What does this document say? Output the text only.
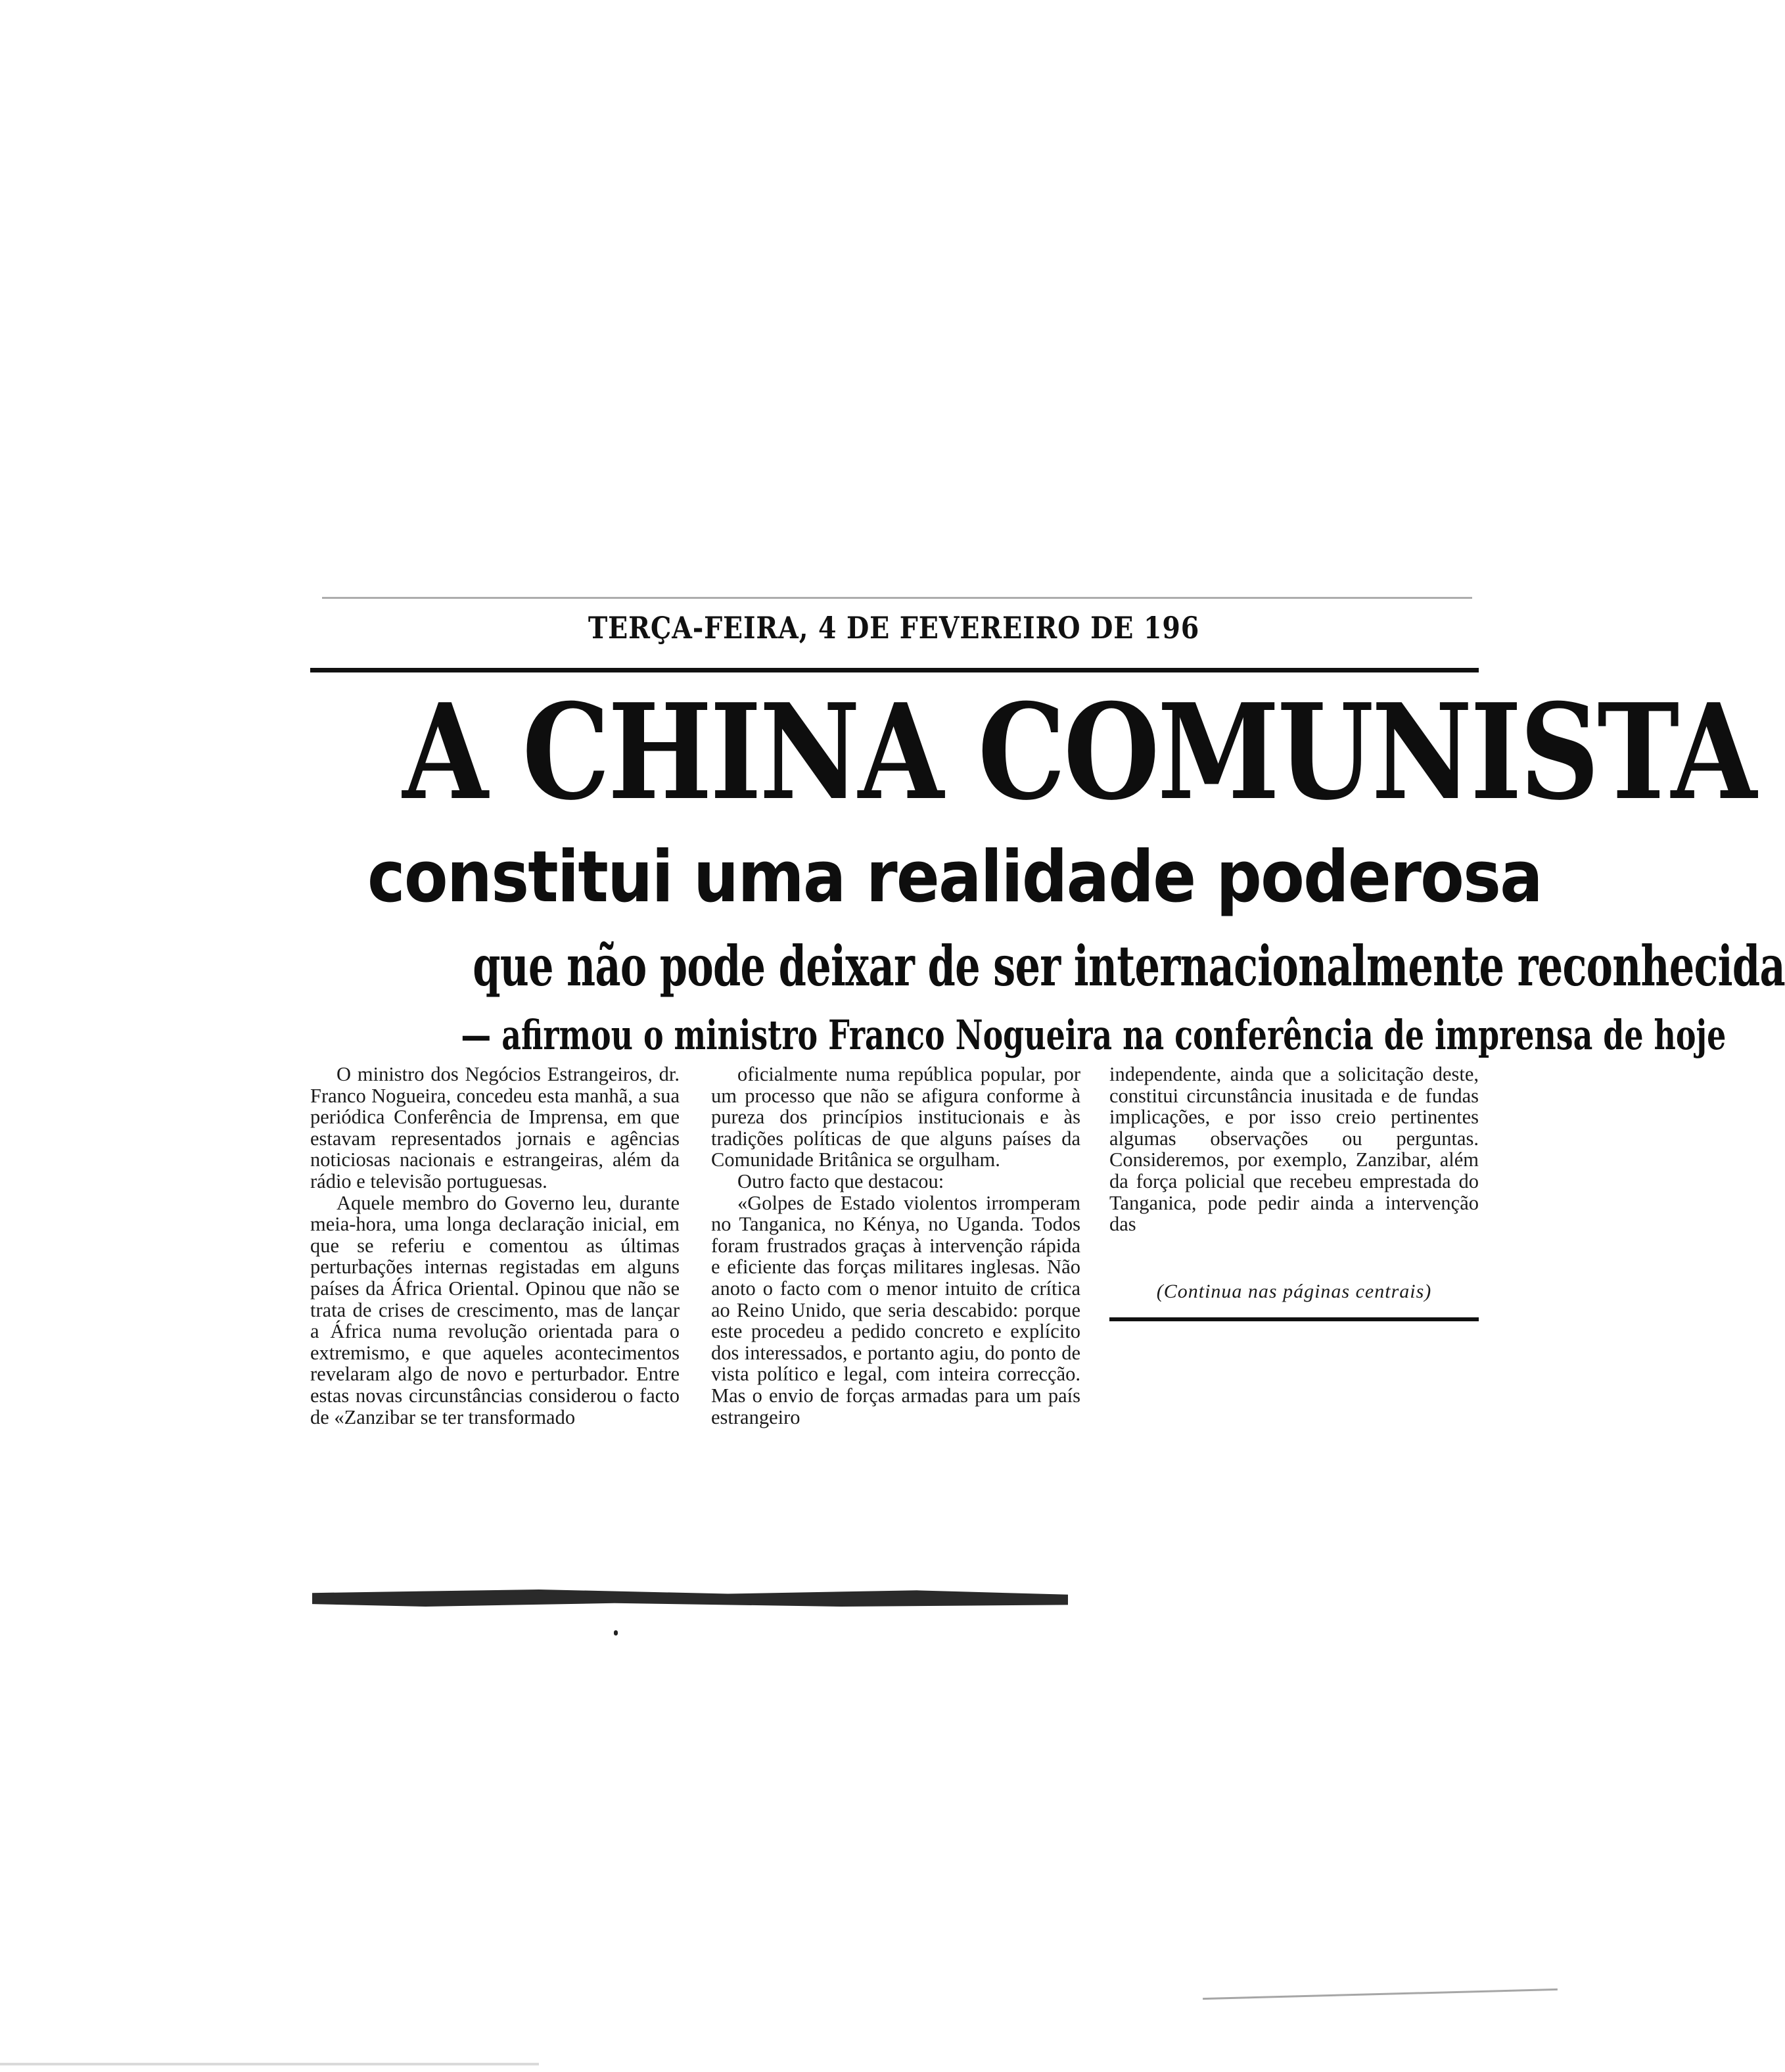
TERÇA-FEIRA, 4 DE FEVEREIRO DE 196
A CHINA COMUNISTA
constitui uma realidade poderosa
que não pode deixar de ser internacionalmente reconhecida
— afirmou o ministro Franco Nogueira na conferência de imprensa de hoje

O ministro dos Negócios Estrangeiros, dr. Franco Nogueira, concedeu esta manhã, a sua periódica Conferência de Imprensa, em que estavam representados jornais e agências noticiosas nacionais e estrangeiras, além da rádio e televisão portuguesas.

Aquele membro do Governo leu, durante meia-hora, uma longa declaração inicial, em que se referiu e comentou as últimas perturbações internas registadas em alguns países da África Oriental. Opinou que não se trata de crises de crescimento, mas de lançar a África numa revolução orientada para o extremismo, e que aqueles acontecimentos revelaram algo de novo e perturbador. Entre estas novas circunstâncias considerou o facto de «Zanzibar se ter transformado

oficialmente numa república popular, por um processo que não se afigura conforme à pureza dos princípios institucionais e às tradições políticas de que alguns países da Comunidade Britânica se orgulham.

Outro facto que destacou:

«Golpes de Estado violentos irromperam no Tanganica, no Kénya, no Uganda. Todos foram frustrados graças à intervenção rápida e eficiente das forças militares inglesas. Não anoto o facto com o menor intuito de crítica ao Reino Unido, que seria descabido: porque este procedeu a pedido concreto e explícito dos interessados, e portanto agiu, do ponto de vista político e legal, com inteira correcção. Mas o envio de forças armadas para um país estrangeiro

independente, ainda que a solicitação deste, constitui circunstância inusitada e de fundas implicações, e por isso creio pertinentes algumas observações ou perguntas. Consideremos, por exemplo, Zanzibar, além da força policial que recebeu emprestada do Tanganica, pode pedir ainda a intervenção das

(Continua nas páginas centrais)
